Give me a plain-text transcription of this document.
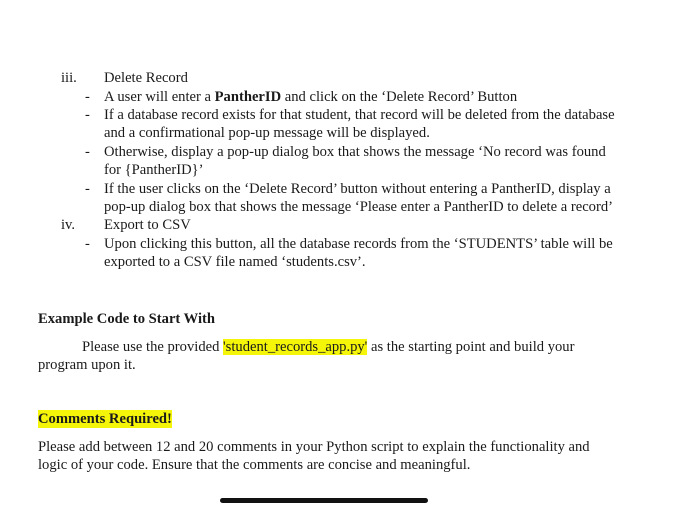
iii. Delete Record
- A user will enter a PantherID and click on the ‘Delete Record’ Button
- If a database record exists for that student, that record will be deleted from the database
and a confirmational pop-up message will be displayed.
- Otherwise, display a pop-up dialog box that shows the message ‘No record was found
for {PantherID}’
- If the user clicks on the ‘Delete Record’ button without entering a PantherID, display a
pop-up dialog box that shows the message ‘Please enter a PantherID to delete a record’
iv. Export to CSV
- Upon clicking this button, all the database records from the ‘STUDENTS’ table will be
exported to a CSV file named ‘students.csv’.
Example Code to Start With
Please use the provided 'student_records_app.py' as the starting point and build your
program upon it.
Comments Required!
Please add between 12 and 20 comments in your Python script to explain the functionality and
logic of your code. Ensure that the comments are concise and meaningful.
